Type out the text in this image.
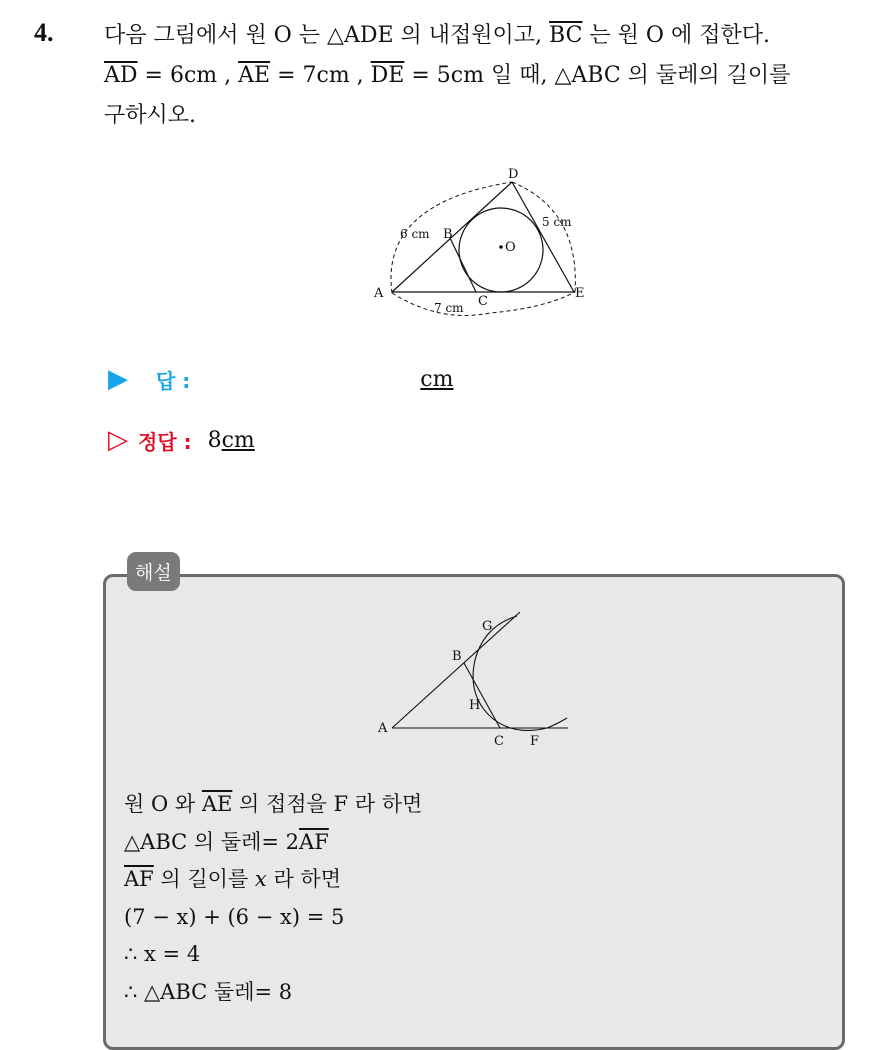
4. 다음 그림에서 원 O 는 △ADE 의 내접원이고, $\overline{BC}$ 는 원 O 에 접한다.
$\overline{AD} = 6cm$ , $\overline{AE} = 7cm$ , $\overline{DE} = 5cm$ 일 때, △ABC 의 둘레의 길이를
구하시오.
D
B
O
A
C
E
6 cm
5 cm
7 cm
▶ 답 :	cm
▷ 정답 : 8 cm
해설
G
B
H
A
C F
원 O 와 $\overline{AE}$ 의 접점을 F 라 하면
△ABC 의 둘레= $2\overline{AF}$
$\overline{AF}$ 의 길이를 x 라 하면
(7 − x) + (6 − x) = 5
∴ x = 4
∴ △ABC 둘레= 8
